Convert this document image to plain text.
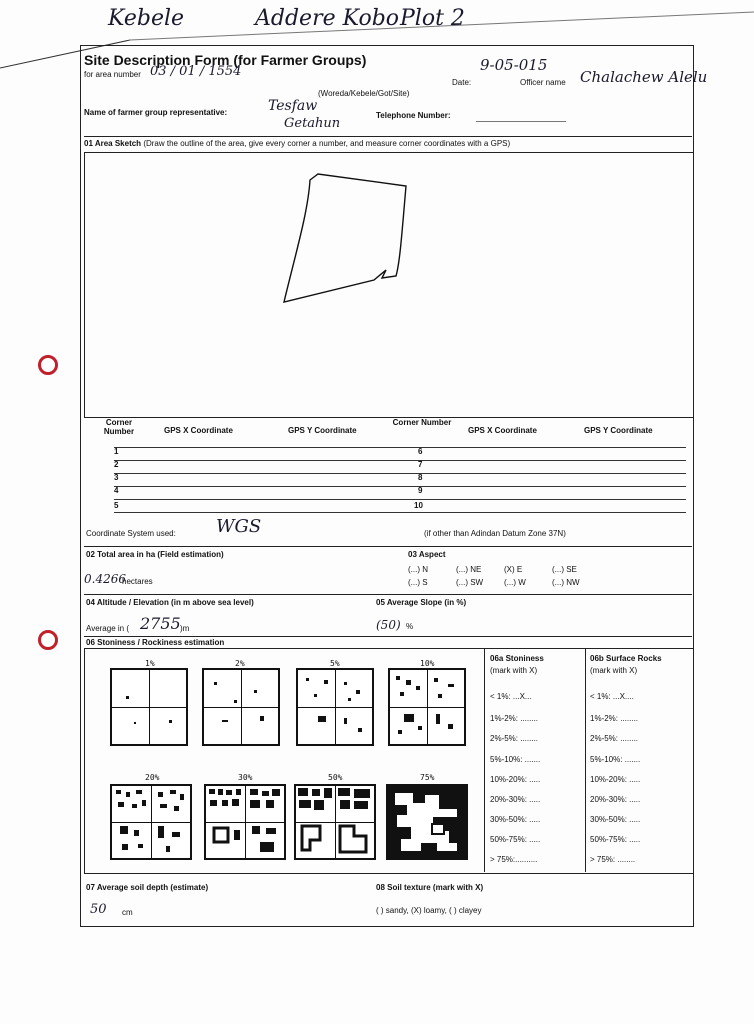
Kebele	Addere Kobo Plot 2
Site Description Form (for Farmer Groups)
for area number 03 / 01 / 1554
(Woreda/Kebele/Got/Site)
Date:
9-05-015
Officer name Chalachew Alelu
Name of farmer group representative:	Tesfaw
Getahun
Telephone Number:
01 Area Sketch (Draw the outline of the area, give every corner a number, and measure corner coordinates with a GPS)
Corner Number	GPS X Coordinate	GPS Y Coordinate
Corner Number
GPS X Coordinate	GPS Y Coordinate
1
2
3
4
5
6
7
8
9
10
Coordinate System used: WGS	(if other than Adindan Datum Zone 37N)
02 Total area in ha (Field estimation)
0.4266
hectares
03 Aspect
(...) N	(...) NE	(X) E	(...) SE
(...) S	(...) SW	(...) W	(...) NW
04 Altitude / Elevation (in m above sea level)
Average in ( 2755 )m
05 Average Slope (in %)
(50) %
06 Stoniness / Rockiness estimation
1%	2%	5%	10%
20%	30%	50%	75%
06a Stoniness
(mark with X)
< 1%: ...X...
1%-2%: ........
2%-5%: ........
5%-10%: .......
10%-20%: .....
20%-30%: .....
30%-50%: .....
50%-75%: .....
> 75%:..........
06b Surface Rocks
(mark with X)
< 1%: ...X....
1%-2%: ........
2%-5%: ........
5%-10%: .......
10%-20%: .....
20%-30%: .....
30%-50%: .....
50%-75%: .....
> 75%: ........
07 Average soil depth (estimate)
50 cm
08 Soil texture (mark with X)
( ) sandy, (X) loamy, ( ) clayey
